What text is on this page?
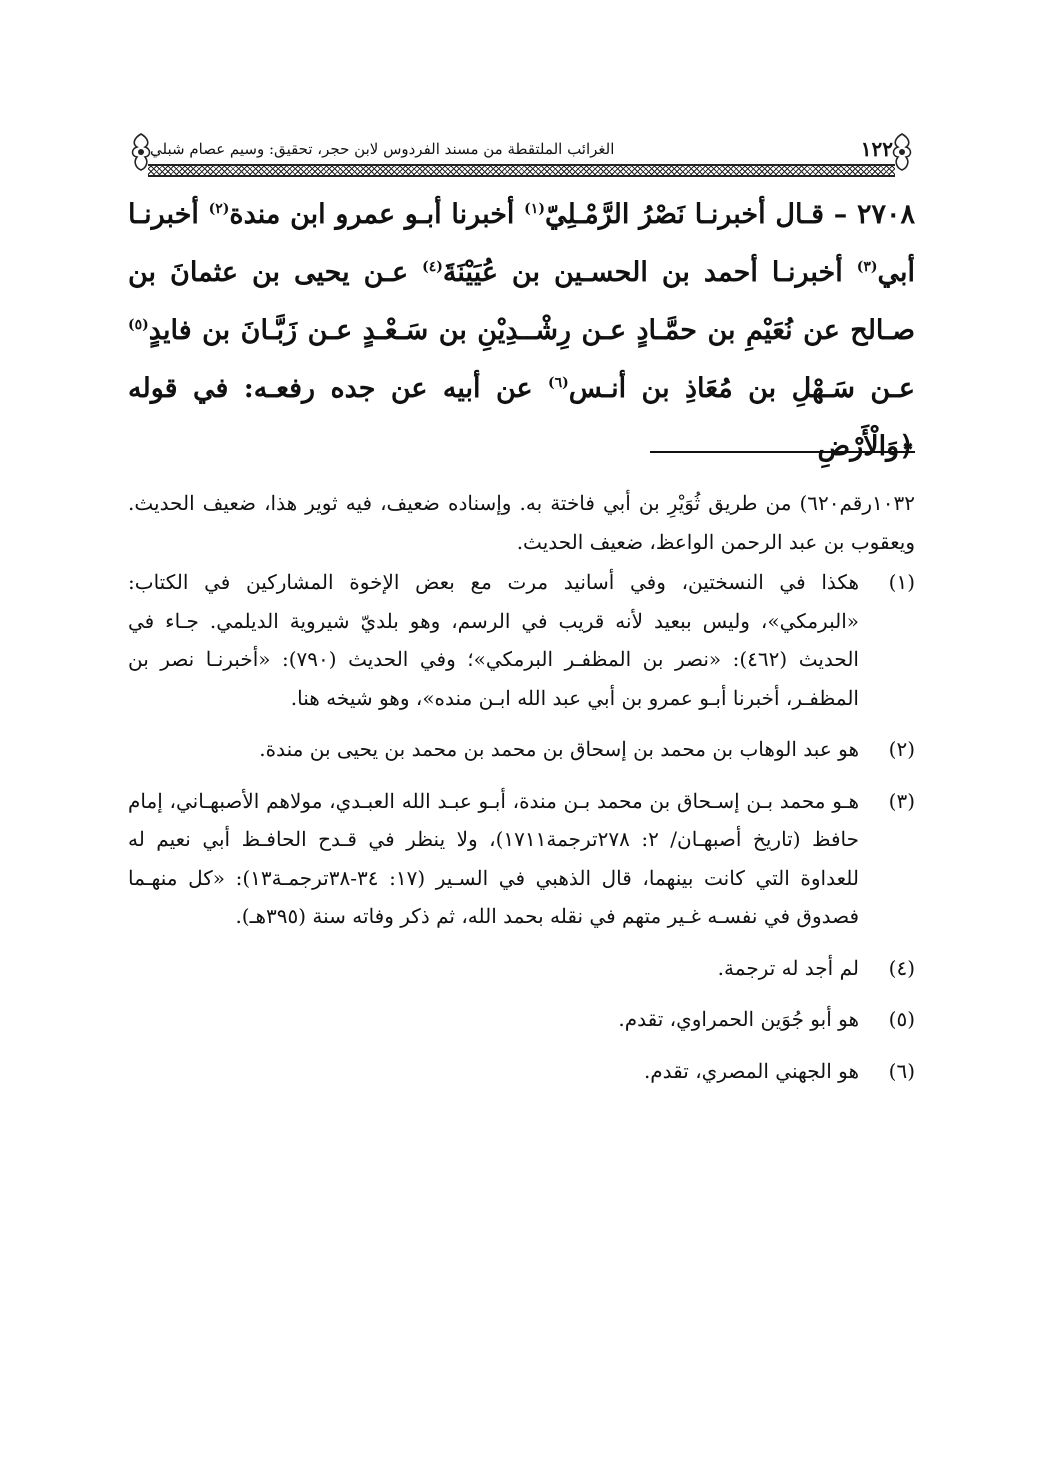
١٢٢
الغرائب الملتقطة من مسند الفردوس لابن حجر، تحقيق: وسيم عصام شبلي
٢٧٠٨ – قـال أخبرنـا نَصْرُ الرَّمْـلِيّ$^{(١)}$ أخبرنا أبـو عمرو ابن مندة$^{(٢)}$ أخبرنـا أبي$^{(٣)}$ أخبرنـا أحمد بن الحسـين بن عُيَيْنَةَ$^{(٤)}$ عـن يحيى بن عثمانَ بن صـالح عن نُعَيْمِ بن حمَّـادٍ عـن رِشْــدِيْنِ بن سَـعْـدٍ عـن زَبَّـانَ بن فايدٍ$^{(٥)}$ عـن سَـهْلِ بن مُعَاذِ بن أنـس$^{(٦)}$ عن أبيه عن جده رفعـه: في قوله ﴿وَالْأَرْضِ

١٠٣٢رقم٦٢٠) من طريق ثُوَيْرِ بن أبي فاختة به. وإسناده ضعيف، فيه ثوير هذا، ضعيف الحديث. ويعقوب بن عبد الرحمن الواعظ، ضعيف الحديث.

(١)
هكذا في النسختين، وفي أسانيد مرت مع بعض الإخوة المشاركين في الكتاب: «البرمكي»، وليس ببعيد لأنه قريب في الرسم، وهو بلديّ شيروية الديلمي. جـاء في الحديث (٤٦٢): «نصر بن المظفـر البرمكي»؛ وفي الحديث (٧٩٠): «أخبرنـا نصر بن المظفـر، أخبرنا أبـو عمرو بن أبي عبد الله ابـن منده»، وهو شيخه هنا.
(٢)
هو عبد الوهاب بن محمد بن إسحاق بن محمد بن محمد بن يحيى بن مندة.
(٣)
هـو محمد بـن إسـحاق بن محمد بـن مندة، أبـو عبـد الله العبـدي، مولاهم الأصبهـاني، إمام حافظ (تاريخ أصبهـان/ ٢: ٢٧٨ترجمة١٧١١)، ولا ينظر في قـدح الحافـظ أبي نعيم له للعداوة التي كانت بينهما، قال الذهبي في السـير (١٧: ٣٤-٣٨ترجمـة١٣): «كل منهـما فصدوق في نفسـه غـير متهم في نقله بحمد الله، ثم ذكر وفاته سنة (٣٩٥هـ).
(٤)
لم أجد له ترجمة.
(٥)
هو أبو جُوَين الحمراوي، تقدم.
(٦)
هو الجهني المصري، تقدم.
